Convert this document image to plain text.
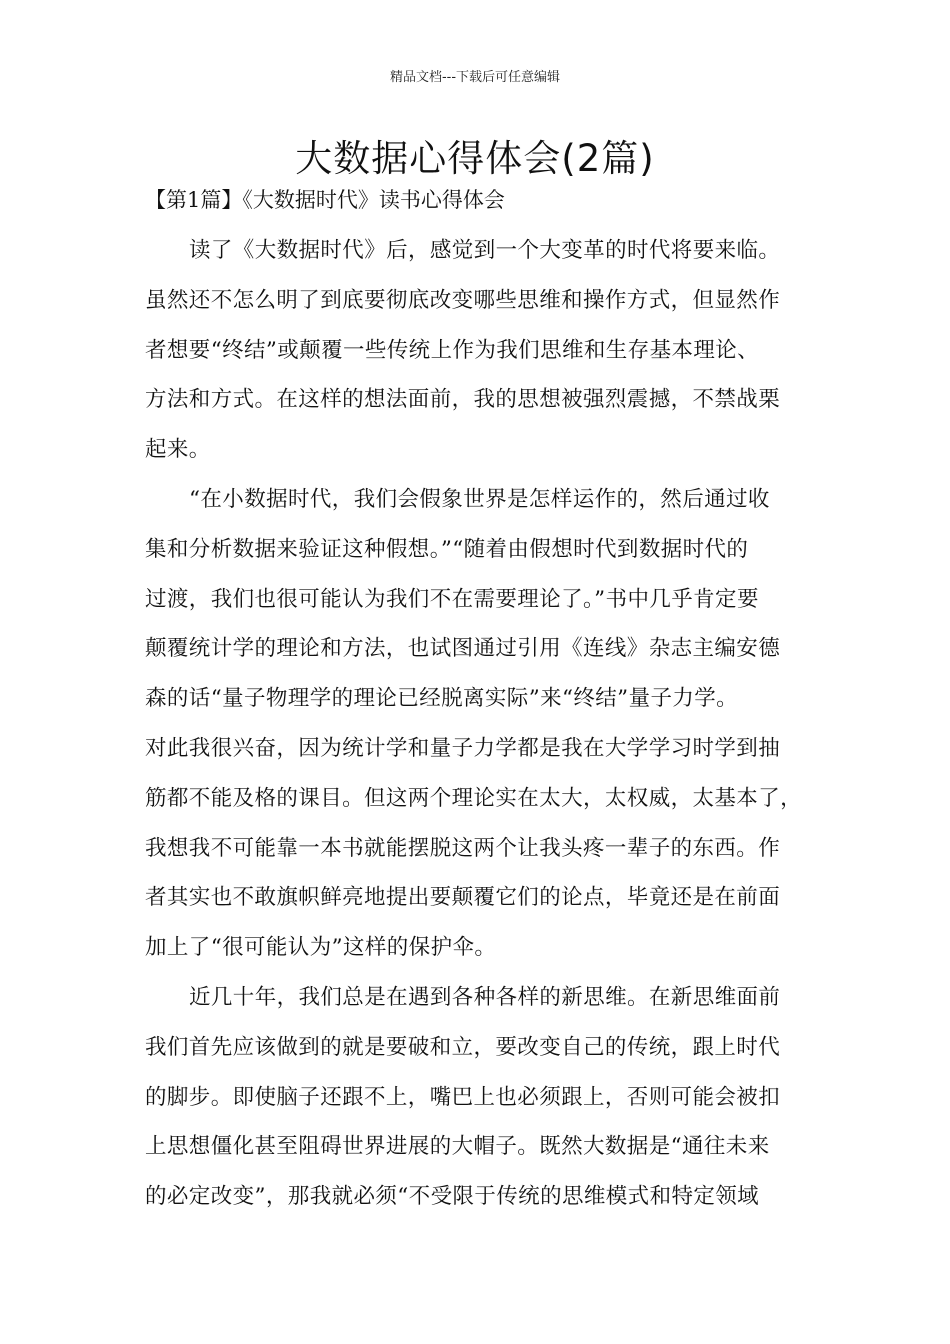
精品文档---下载后可任意编辑
大数据心得体会(2篇)
【第1篇】《大数据时代》读书心得体会
读了《大数据时代》后，感觉到一个大变革的时代将要来临。
虽然还不怎么明了到底要彻底改变哪些思维和操作方式，但显然作
者想要“终结”或颠覆一些传统上作为我们思维和生存基本理论、
方法和方式。在这样的想法面前，我的思想被强烈震撼，不禁战栗
起来。
“在小数据时代，我们会假象世界是怎样运作的，然后通过收
集和分析数据来验证这种假想。”“随着由假想时代到数据时代的
过渡，我们也很可能认为我们不在需要理论了。”书中几乎肯定要
颠覆统计学的理论和方法，也试图通过引用《连线》杂志主编安德
森的话“量子物理学的理论已经脱离实际”来“终结”量子力学。
对此我很兴奋，因为统计学和量子力学都是我在大学学习时学到抽
筋都不能及格的课目。但这两个理论实在太大，太权威，太基本了，
我想我不可能靠一本书就能摆脱这两个让我头疼一辈子的东西。作
者其实也不敢旗帜鲜亮地提出要颠覆它们的论点，毕竟还是在前面
加上了“很可能认为”这样的保护伞。
近几十年，我们总是在遇到各种各样的新思维。在新思维面前
我们首先应该做到的就是要破和立，要改变自己的传统，跟上时代
的脚步。即使脑子还跟不上，嘴巴上也必须跟上，否则可能会被扣
上思想僵化甚至阻碍世界进展的大帽子。既然大数据是“通往未来
的必定改变”，那我就必须“不受限于传统的思维模式和特定领域
